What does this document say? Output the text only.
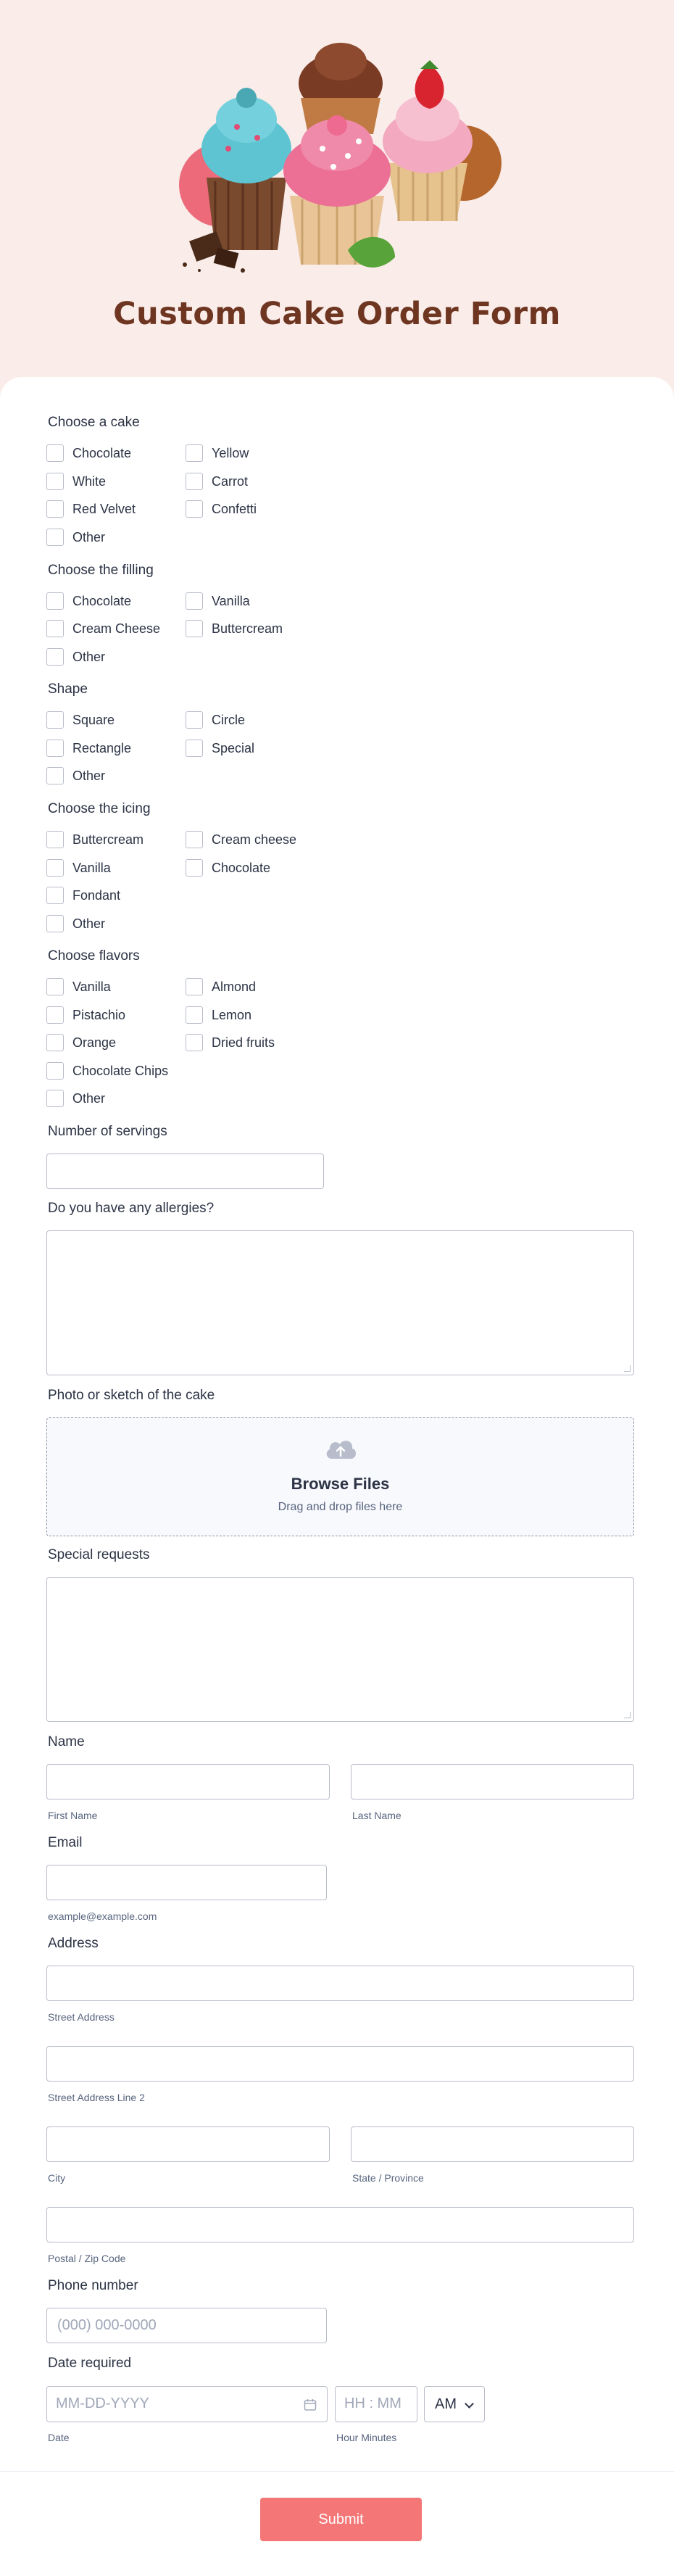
Custom Cake Order Form
Choose a cake
Chocolate	Yellow
White	Carrot
Red Velvet	Confetti
Other
Choose the filling
Chocolate	Vanilla
Cream Cheese	Buttercream
Other
Shape
Square	Circle
Rectangle	Special
Other
Choose the icing
Buttercream	Cream cheese
Vanilla	Chocolate
Fondant
Other
Choose flavors
Vanilla	Almond
Pistachio	Lemon
Orange	Dried fruits
Chocolate Chips
Other
Number of servings
Do you have any allergies?
Photo or sketch of the cake
Browse Files
Drag and drop files here
Special requests
Name
First Name	Last Name
Email
example@example.com
Address
Street Address
Street Address Line 2
City	State / Province
Postal / Zip Code
Phone number
(000) 000-0000
Date required
MM-DD-YYYY	HH : MM AM
Date	Hour Minutes
Submit
